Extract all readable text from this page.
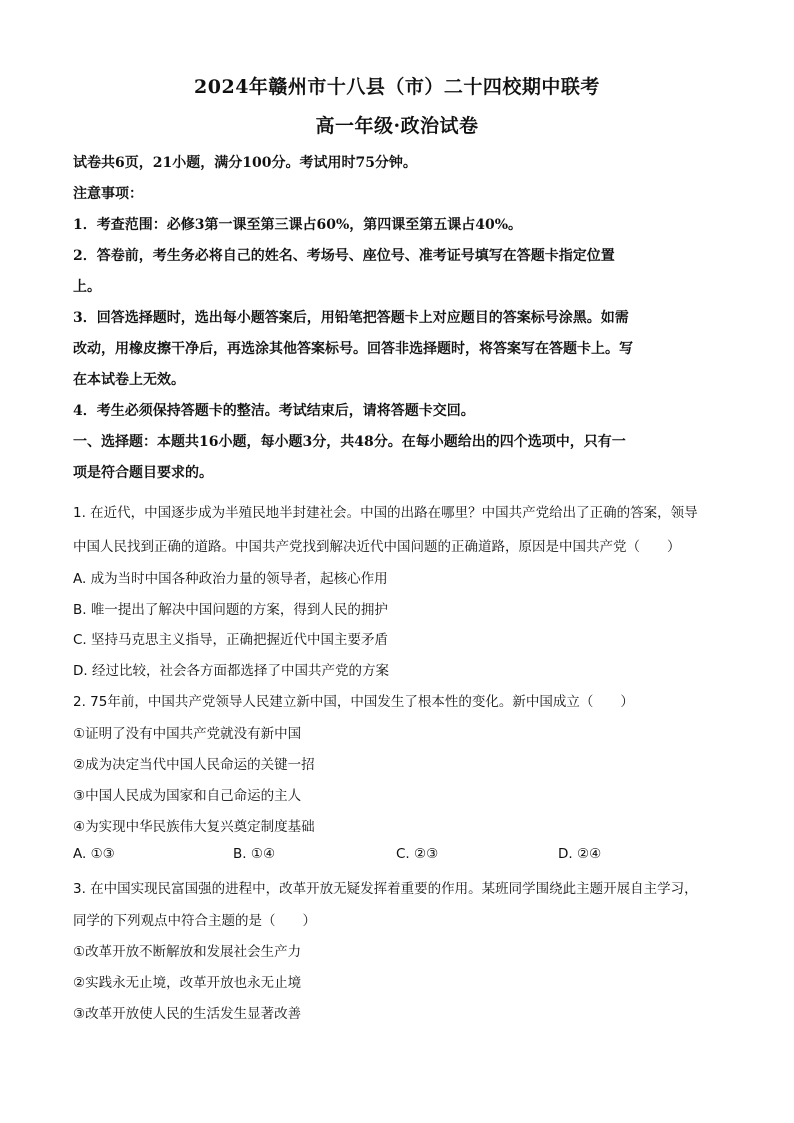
2024年赣州市十八县（市）二十四校期中联考
高一年级·政治试卷
试卷共6页，21小题，满分100分。考试用时75分钟。
注意事项：
1．考查范围：必修3第一课至第三课占60%，第四课至第五课占40%。
2．答卷前，考生务必将自己的姓名、考场号、座位号、准考证号填写在答题卡指定位置
上。
3．回答选择题时，选出每小题答案后，用铅笔把答题卡上对应题目的答案标号涂黑。如需
改动，用橡皮擦干净后，再选涂其他答案标号。回答非选择题时，将答案写在答题卡上。写
在本试卷上无效。
4．考生必须保持答题卡的整洁。考试结束后，请将答题卡交回。
一、选择题：本题共16小题，每小题3分，共48分。在每小题给出的四个选项中，只有一
项是符合题目要求的。
1. 在近代，中国逐步成为半殖民地半封建社会。中国的出路在哪里？中国共产党给出了正确的答案，领导
中国人民找到正确的道路。中国共产党找到解决近代中国问题的正确道路，原因是中国共产党（　　）
A. 成为当时中国各种政治力量的领导者，起核心作用
B. 唯一提出了解决中国问题的方案，得到人民的拥护
C. 坚持马克思主义指导，正确把握近代中国主要矛盾
D. 经过比较，社会各方面都选择了中国共产党的方案
2. 75年前，中国共产党领导人民建立新中国，中国发生了根本性的变化。新中国成立（　　）
①证明了没有中国共产党就没有新中国
②成为决定当代中国人民命运的关键一招
③中国人民成为国家和自己命运的主人
④为实现中华民族伟大复兴奠定制度基础
A. ①③	B. ①④	C. ②③	D. ②④
3. 在中国实现民富国强的进程中，改革开放无疑发挥着重要的作用。某班同学围绕此主题开展自主学习，
同学的下列观点中符合主题的是（　　）
①改革开放不断解放和发展社会生产力
②实践永无止境，改革开放也永无止境
③改革开放使人民的生活发生显著改善
